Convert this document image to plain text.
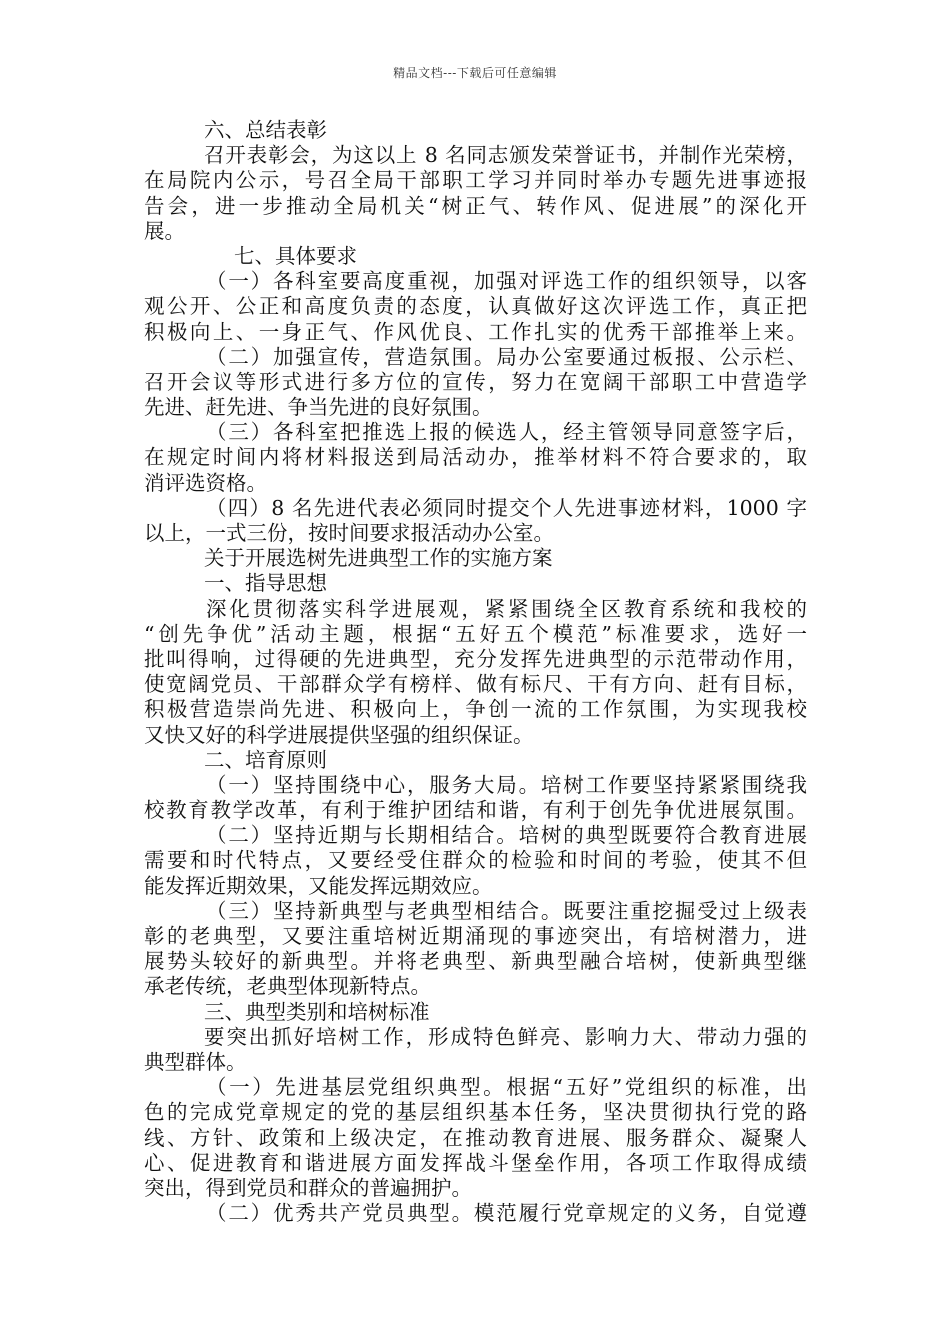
精品文档---下载后可任意编辑
六、总结表彰
召开表彰会，为这以上 8 名同志颁发荣誉证书，并制作光荣榜，
在局院内公示，号召全局干部职工学习并同时举办专题先进事迹报
告会，进一步推动全局机关“树正气、转作风、促进展”的深化开
展。
七、具体要求
（一）各科室要高度重视，加强对评选工作的组织领导，以客
观公开、公正和高度负责的态度，认真做好这次评选工作，真正把
积极向上、一身正气、作风优良、工作扎实的优秀干部推举上来。
（二）加强宣传，营造氛围。局办公室要通过板报、公示栏、
召开会议等形式进行多方位的宣传，努力在宽阔干部职工中营造学
先进、赶先进、争当先进的良好氛围。
（三）各科室把推选上报的候选人，经主管领导同意签字后，
在规定时间内将材料报送到局活动办，推举材料不符合要求的，取
消评选资格。
（四）8 名先进代表必须同时提交个人先进事迹材料，1000 字
以上，一式三份，按时间要求报活动办公室。
关于开展选树先进典型工作的实施方案
一、指导思想
深化贯彻落实科学进展观，紧紧围绕全区教育系统和我校的
“创先争优”活动主题，根据“五好五个模范”标准要求，选好一
批叫得响，过得硬的先进典型，充分发挥先进典型的示范带动作用，
使宽阔党员、干部群众学有榜样、做有标尺、干有方向、赶有目标，
积极营造崇尚先进、积极向上，争创一流的工作氛围，为实现我校
又快又好的科学进展提供坚强的组织保证。
二、培育原则
（一）坚持围绕中心，服务大局。培树工作要坚持紧紧围绕我
校教育教学改革，有利于维护团结和谐，有利于创先争优进展氛围。
（二）坚持近期与长期相结合。培树的典型既要符合教育进展
需要和时代特点，又要经受住群众的检验和时间的考验，使其不但
能发挥近期效果，又能发挥远期效应。
（三）坚持新典型与老典型相结合。既要注重挖掘受过上级表
彰的老典型，又要注重培树近期涌现的事迹突出，有培树潜力，进
展势头较好的新典型。并将老典型、新典型融合培树，使新典型继
承老传统，老典型体现新特点。
三、典型类别和培树标准
要突出抓好培树工作，形成特色鲜亮、影响力大、带动力强的
典型群体。
（一）先进基层党组织典型。根据“五好”党组织的标准，出
色的完成党章规定的党的基层组织基本任务，坚决贯彻执行党的路
线、方针、政策和上级决定，在推动教育进展、服务群众、凝聚人
心、促进教育和谐进展方面发挥战斗堡垒作用，各项工作取得成绩
突出，得到党员和群众的普遍拥护。
（二）优秀共产党员典型。模范履行党章规定的义务，自觉遵
